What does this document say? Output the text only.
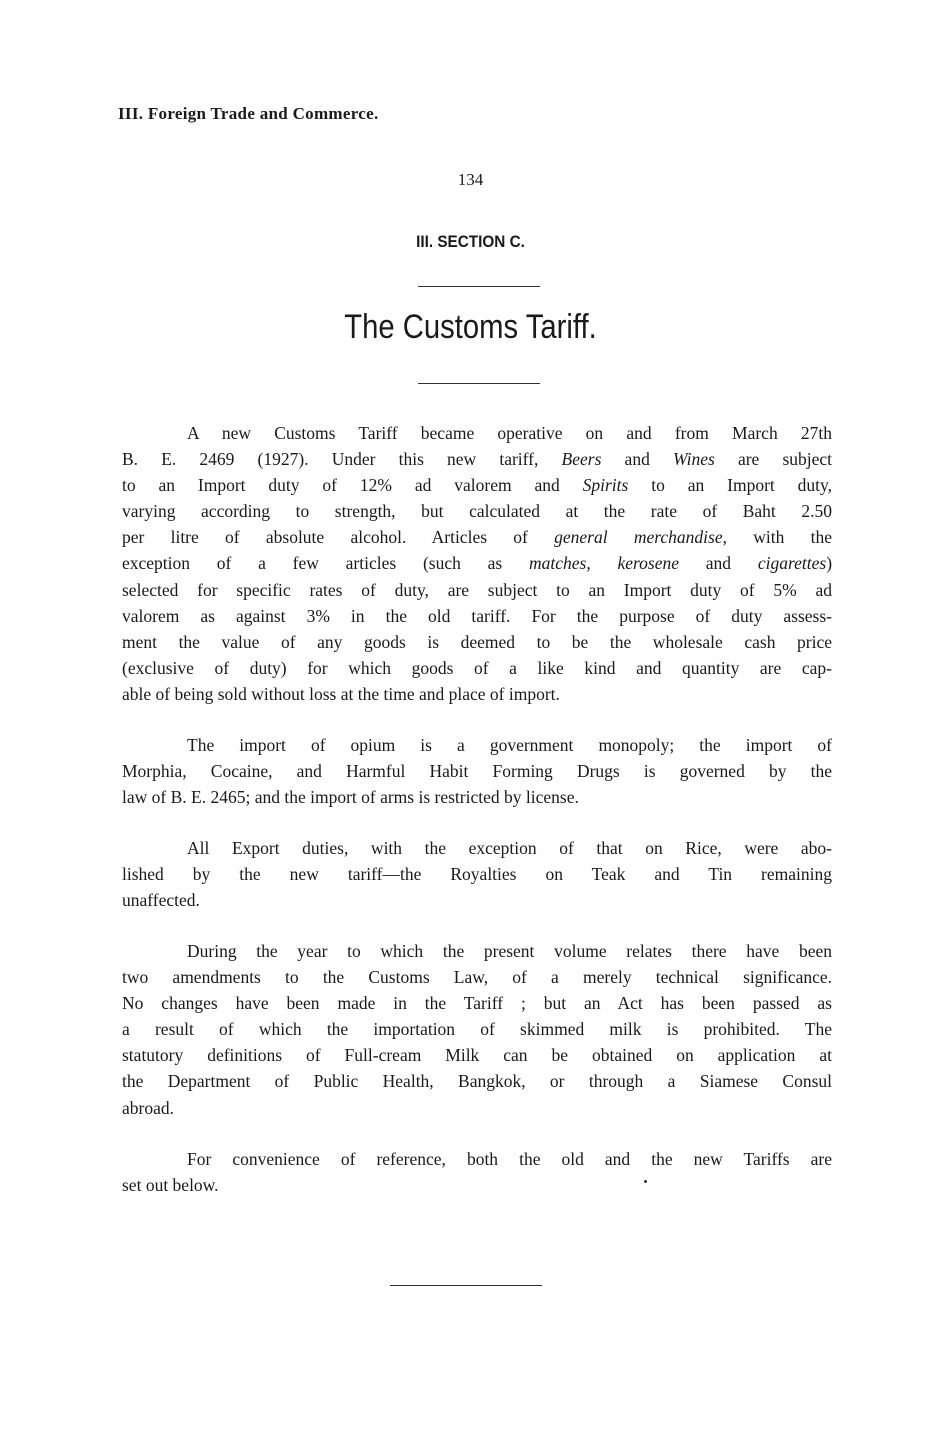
III. Foreign Trade and Commerce.
134
III. SECTION C.
The Customs Tariff.
A new Customs Tariff became operative on and from March 27th
B. E. 2469 (1927). Under this new tariff, Beers and Wines are subject
to an Import duty of 12% ad valorem and Spirits to an Import duty,
varying according to strength, but calculated at the rate of Baht 2.50
per litre of absolute alcohol. Articles of general merchandise, with the
exception of a few articles (such as matches, kerosene and cigarettes)
selected for specific rates of duty, are subject to an Import duty of 5% ad
valorem as against 3% in the old tariff. For the purpose of duty assess-
ment the value of any goods is deemed to be the wholesale cash price
(exclusive of duty) for which goods of a like kind and quantity are cap-
able of being sold without loss at the time and place of import.
The import of opium is a government monopoly; the import of
Morphia, Cocaine, and Harmful Habit Forming Drugs is governed by the
law of B. E. 2465; and the import of arms is restricted by license.
All Export duties, with the exception of that on Rice, were abo-
lished by the new tariff—the Royalties on Teak and Tin remaining
unaffected.
During the year to which the present volume relates there have been
two amendments to the Customs Law, of a merely technical significance.
No changes have been made in the Tariff ; but an Act has been passed as
a result of which the importation of skimmed milk is prohibited. The
statutory definitions of Full-cream Milk can be obtained on application at
the Department of Public Health, Bangkok, or through a Siamese Consul
abroad.
For convenience of reference, both the old and the new Tariffs are
set out below.
